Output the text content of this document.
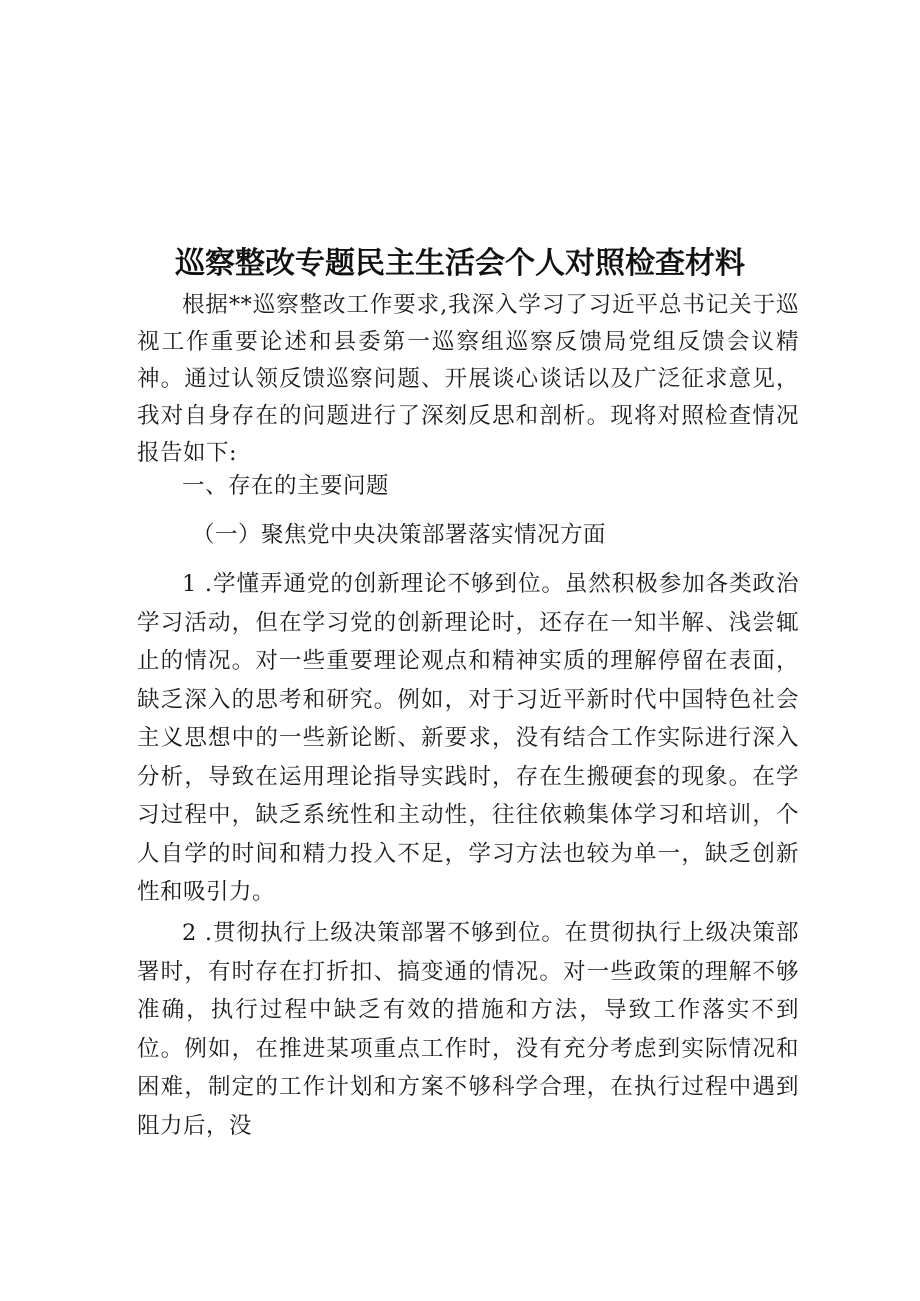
巡察整改专题民主生活会个人对照检查材料

根据**巡察整改工作要求,我深入学习了习近平总书记关于巡视工作重要论述和县委第一巡察组巡察反馈局党组反馈会议精神。通过认领反馈巡察问题、开展谈心谈话以及广泛征求意见，我对自身存在的问题进行了深刻反思和剖析。现将对照检查情况报告如下:

一、存在的主要问题

（一）聚焦党中央决策部署落实情况方面

1 .学懂弄通党的创新理论不够到位。虽然积极参加各类政治学习活动，但在学习党的创新理论时，还存在一知半解、浅尝辄止的情况。对一些重要理论观点和精神实质的理解停留在表面，缺乏深入的思考和研究。例如，对于习近平新时代中国特色社会主义思想中的一些新论断、新要求，没有结合工作实际进行深入分析，导致在运用理论指导实践时，存在生搬硬套的现象。在学习过程中，缺乏系统性和主动性，往往依赖集体学习和培训，个人自学的时间和精力投入不足，学习方法也较为单一，缺乏创新性和吸引力。

2 .贯彻执行上级决策部署不够到位。在贯彻执行上级决策部署时，有时存在打折扣、搞变通的情况。对一些政策的理解不够准确，执行过程中缺乏有效的措施和方法，导致工作落实不到位。例如，在推进某项重点工作时，没有充分考虑到实际情况和困难，制定的工作计划和方案不够科学合理，在执行过程中遇到阻力后，没
